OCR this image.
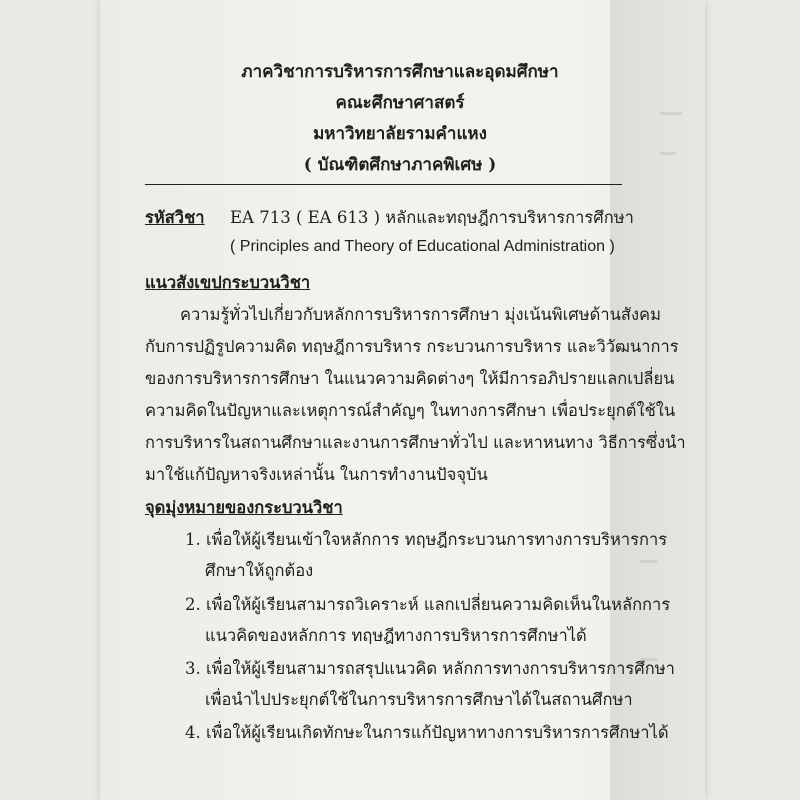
ภาควิชาการบริหารการศึกษาและอุดมศึกษา
คณะศึกษาศาสตร์
มหาวิทยาลัยรามคำแหง
( บัณฑิตศึกษาภาคพิเศษ )
รหัสวิชา EA 713 ( EA 613 ) หลักและทฤษฎีการบริหารการศึกษา
( Principles and Theory of Educational Administration )
แนวสังเขปกระบวนวิชา
ความรู้ทั่วไปเกี่ยวกับหลักการบริหารการศึกษา มุ่งเน้นพิเศษด้านสังคม
กับการปฏิรูปความคิด ทฤษฎีการบริหาร กระบวนการบริหาร และวิวัฒนาการ
ของการบริหารการศึกษา ในแนวความคิดต่างๆ ให้มีการอภิปรายแลกเปลี่ยน
ความคิดในปัญหาและเหตุการณ์สำคัญๆ ในทางการศึกษา เพื่อประยุกต์ใช้ใน
การบริหารในสถานศึกษาและงานการศึกษาทั่วไป และหาหนทาง วิธีการซึ่งนำ
มาใช้แก้ปัญหาจริงเหล่านั้น ในการทำงานปัจจุบัน
จุดมุ่งหมายของกระบวนวิชา
1. เพื่อให้ผู้เรียนเข้าใจหลักการ ทฤษฎีกระบวนการทางการบริหารการ
ศึกษาให้ถูกต้อง
2. เพื่อให้ผู้เรียนสามารถวิเคราะห์ แลกเปลี่ยนความคิดเห็นในหลักการ
แนวคิดของหลักการ ทฤษฎีทางการบริหารการศึกษาได้
3. เพื่อให้ผู้เรียนสามารถสรุปแนวคิด หลักการทางการบริหารการศึกษา
เพื่อนำไปประยุกต์ใช้ในการบริหารการศึกษาได้ในสถานศึกษา
4. เพื่อให้ผู้เรียนเกิดทักษะในการแก้ปัญหาทางการบริหารการศึกษาได้
